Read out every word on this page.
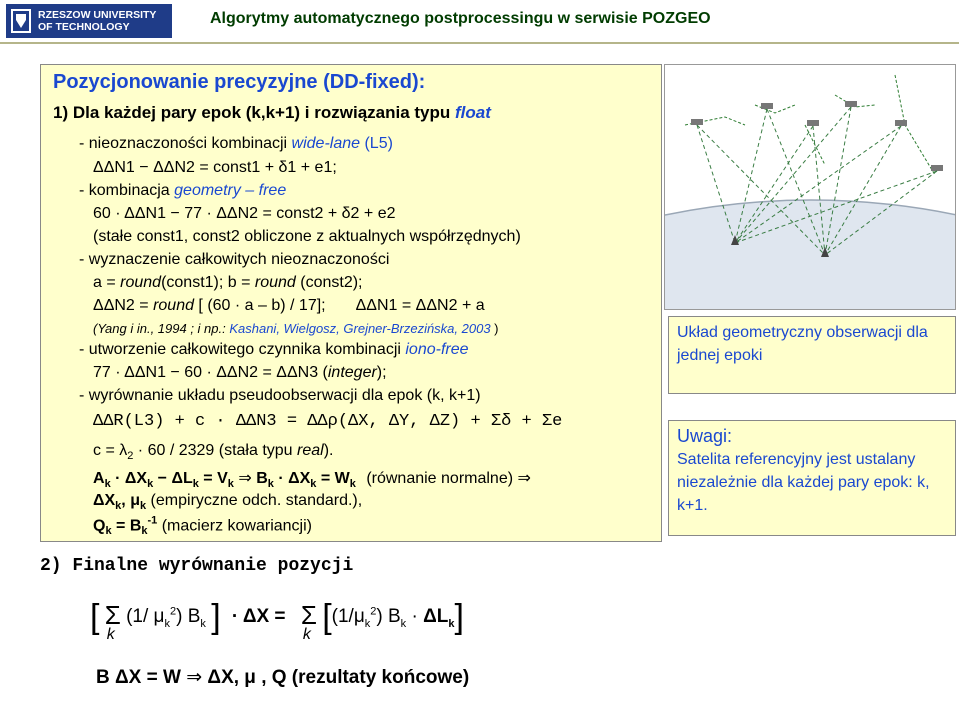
RZESZOW UNIVERSITY
OF TECHNOLOGY	Algorytmy automatycznego postprocessingu w serwisie POZGEO
Pozycjonowanie precyzyjne (DD-fixed):
1) Dla każdej pary epok (k,k+1) i rozwiązania typu float
- nieoznaczoności kombinacji wide-lane (L5)
ΔΔN1 − ΔΔN2 = const1 + δ1 + e1;
- kombinacja geometry – free
60 · ΔΔN1 − 77 · ΔΔN2 = const2 + δ2 + e2
(stałe const1, const2 obliczone z aktualnych współrzędnych)
- wyznaczenie całkowitych nieoznaczoności
a = round(const1); b = round (const2);
ΔΔN2 = round [ (60 · a – b) / 17]; ΔΔN1 = ΔΔN2 + a
(Yang i in., 1994 ; i np.: Kashani, Wielgosz, Grejner-Brzezińska, 2003 )
- utworzenie całkowitego czynnika kombinacji iono-free
77 · ΔΔN1 − 60 · ΔΔN2 = ΔΔN3 (integer);
- wyrównanie układu pseudoobserwacji dla epok (k, k+1)
ΔΔR(L3) + c · ΔΔN3 = ΔΔρ(ΔX, ΔY, ΔZ) + Σδ + Σe
$c = \lambda_2 \cdot 60 / 2329$ (stała typu real).
$A_k \cdot \Delta X_k - \Delta L_k = V_k$ ⇒ $B_k \cdot \Delta X_k = W_k$ (równanie normalne) ⇒
$\Delta X_k$, $\mu_k$ (empiryczne odch. standard.),
$Q_k = B_k^{-1}$ (macierz kowariancji)
Układ geometryczny obserwacji dla jednej epoki
Uwagi:
Satelita referencyjny jest ustalany niezależnie dla każdej pary epok: k, k+1.
2) Finalne wyrównanie pozycji
[ Σ
k
(1/ $\mu_k^2$) $B_k$ ] · ΔX = Σ
k $[(1/\mu_k^2) B_k \cdot \Delta L_k]$
B ΔX = W ⇒ ΔX, μ , Q (rezultaty końcowe)
